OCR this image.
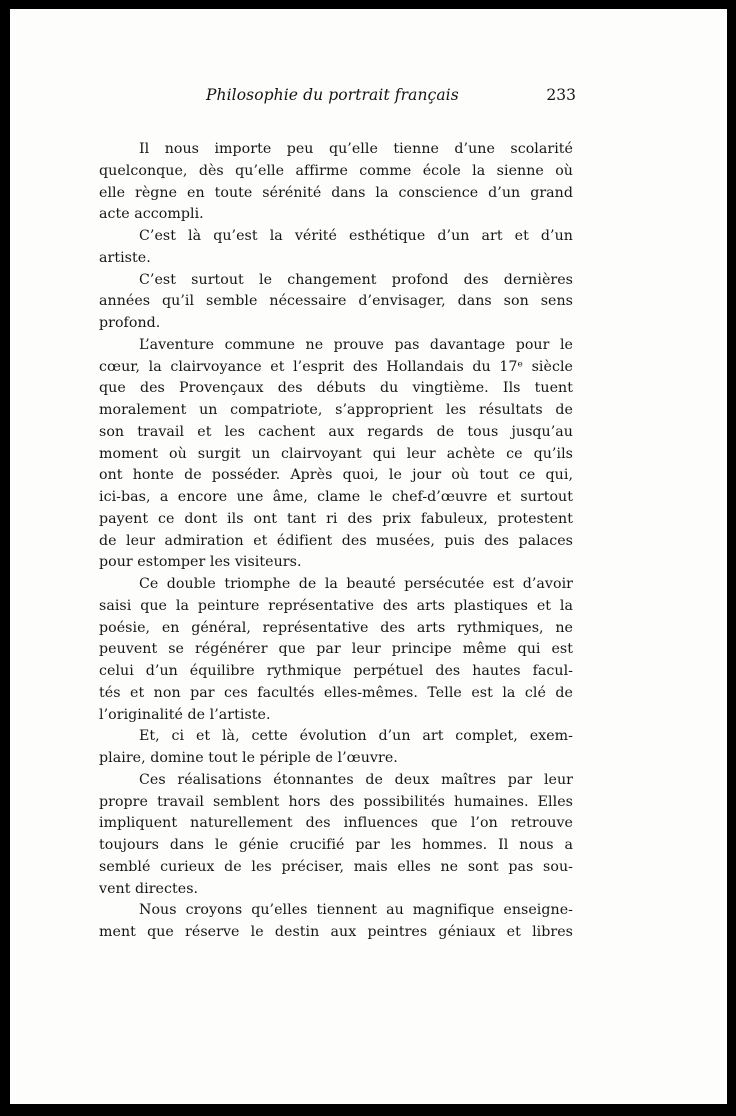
Philosophie du portrait français	233
Il nous importe peu qu’elle tienne d’une scolarité
quelconque, dès qu’elle affirme comme école la sienne où
elle règne en toute sérénité dans la conscience d’un grand
acte accompli.
C’est là qu’est la vérité esthétique d’un art et d’un
artiste.
C’est surtout le changement profond des dernières
années qu’il semble nécessaire d’envisager, dans son sens
profond.
L’aventure commune ne prouve pas davantage pour le
cœur, la clairvoyance et l’esprit des Hollandais du 17ᵉ siècle
que des Provençaux des débuts du vingtième. Ils tuent
moralement un compatriote, s’approprient les résultats de
son travail et les cachent aux regards de tous jusqu’au
moment où surgit un clairvoyant qui leur achète ce qu’ils
ont honte de posséder. Après quoi, le jour où tout ce qui,
ici-bas, a encore une âme, clame le chef-d’œuvre et surtout
payent ce dont ils ont tant ri des prix fabuleux, protestent
de leur admiration et édifient des musées, puis des palaces
pour estomper les visiteurs.
Ce double triomphe de la beauté persécutée est d’avoir
saisi que la peinture représentative des arts plastiques et la
poésie, en général, représentative des arts rythmiques, ne
peuvent se régénérer que par leur principe même qui est
celui d’un équilibre rythmique perpétuel des hautes facul-
tés et non par ces facultés elles-mêmes. Telle est la clé de
l’originalité de l’artiste.
Et, ci et là, cette évolution d’un art complet, exem-
plaire, domine tout le périple de l’œuvre.
Ces réalisations étonnantes de deux maîtres par leur
propre travail semblent hors des possibilités humaines. Elles
impliquent naturellement des influences que l’on retrouve
toujours dans le génie crucifié par les hommes. Il nous a
semblé curieux de les préciser, mais elles ne sont pas sou-
vent directes.
Nous croyons qu’elles tiennent au magnifique enseigne-
ment que réserve le destin aux peintres géniaux et libres
